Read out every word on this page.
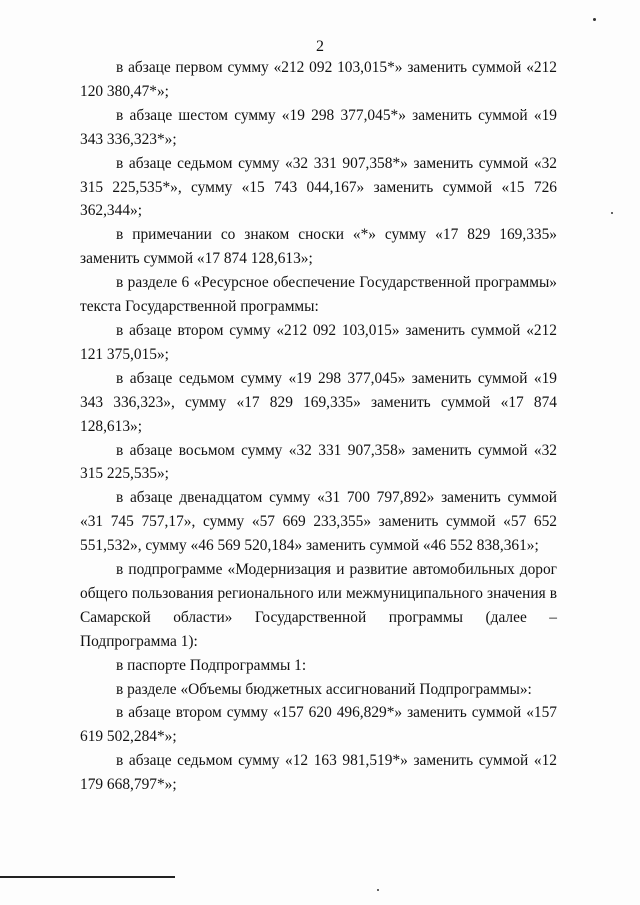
2

в абзаце первом сумму «212 092 103,015*» заменить суммой «212 120 380,47*»;

в абзаце шестом сумму «19 298 377,045*» заменить суммой «19 343 336,323*»;

в абзаце седьмом сумму «32 331 907,358*» заменить суммой «32 315 225,535*», сумму «15 743 044,167» заменить суммой «15 726 362,344»;

в примечании со знаком сноски «*» сумму «17 829 169,335» заменить суммой «17 874 128,613»;

в разделе 6 «Ресурсное обеспечение Государственной программы» текста Государственной программы:

в абзаце втором сумму «212 092 103,015» заменить суммой «212 121 375,015»;

в абзаце седьмом сумму «19 298 377,045» заменить суммой «19 343 336,323», сумму «17 829 169,335» заменить суммой «17 874 128,613»;

в абзаце восьмом сумму «32 331 907,358» заменить суммой «32 315 225,535»;

в абзаце двенадцатом сумму «31 700 797,892» заменить суммой «31 745 757,17», сумму «57 669 233,355» заменить суммой «57 652 551,532», сумму «46 569 520,184» заменить суммой «46 552 838,361»;

в подпрограмме «Модернизация и развитие автомобильных дорог общего пользования регионального или межмуниципального значения в Самарской области» Государственной программы (далее – Подпрограмма 1):

в паспорте Подпрограммы 1:

в разделе «Объемы бюджетных ассигнований Подпрограммы»:

в абзаце втором сумму «157 620 496,829*» заменить суммой «157 619 502,284*»;

в абзаце седьмом сумму «12 163 981,519*» заменить суммой «12 179 668,797*»;
